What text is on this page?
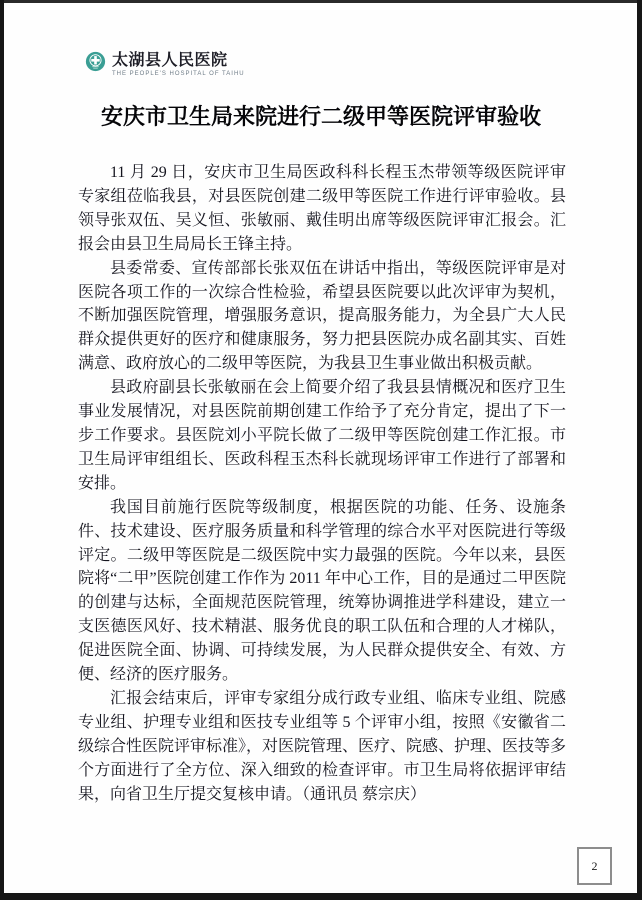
太湖县人民医院
THE PEOPLE'S HOSPITAL OF TAIHU
安庆市卫生局来院进行二级甲等医院评审验收

11 月 29 日，安庆市卫生局医政科科长程玉杰带领等级医院评审专家组莅临我县，对县医院创建二级甲等医院工作进行评审验收。县领导张双伍、吴义恒、张敏丽、戴佳明出席等级医院评审汇报会。汇报会由县卫生局局长王锋主持。

县委常委、宣传部部长张双伍在讲话中指出，等级医院评审是对医院各项工作的一次综合性检验，希望县医院要以此次评审为契机，不断加强医院管理，增强服务意识，提高服务能力，为全县广大人民群众提供更好的医疗和健康服务，努力把县医院办成名副其实、百姓满意、政府放心的二级甲等医院，为我县卫生事业做出积极贡献。

县政府副县长张敏丽在会上简要介绍了我县县情概况和医疗卫生事业发展情况，对县医院前期创建工作给予了充分肯定，提出了下一步工作要求。县医院刘小平院长做了二级甲等医院创建工作汇报。市卫生局评审组组长、医政科程玉杰科长就现场评审工作进行了部署和安排。

我国目前施行医院等级制度，根据医院的功能、任务、设施条件、技术建设、医疗服务质量和科学管理的综合水平对医院进行等级评定。二级甲等医院是二级医院中实力最强的医院。今年以来，县医院将“二甲”医院创建工作作为 2011 年中心工作，目的是通过二甲医院的创建与达标，全面规范医院管理，统筹协调推进学科建设，建立一支医德医风好、技术精湛、服务优良的职工队伍和合理的人才梯队，促进医院全面、协调、可持续发展，为人民群众提供安全、有效、方便、经济的医疗服务。

汇报会结束后，评审专家组分成行政专业组、临床专业组、院感专业组、护理专业组和医技专业组等 5 个评审小组，按照《安徽省二级综合性医院评审标准》，对医院管理、医疗、院感、护理、医技等多个方面进行了全方位、深入细致的检查评审。市卫生局将依据评审结果，向省卫生厅提交复核申请。（通讯员 蔡宗庆）

2
